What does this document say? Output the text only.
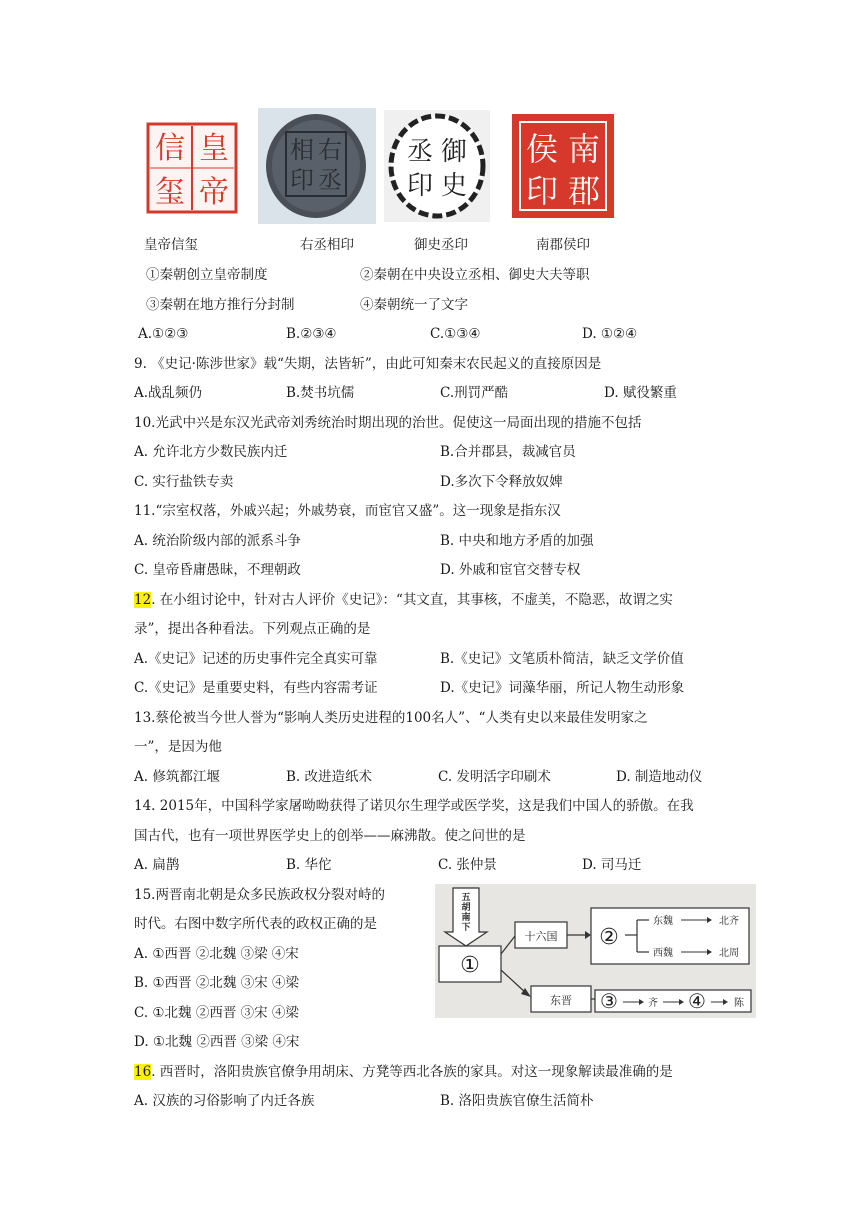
皇
帝
信
玺
右
丞
相
印
御
史
丞
印
南
郡
侯
印
皇帝信玺	右丞相印	御史丞印	南郡侯印
①秦朝创立皇帝制度	②秦朝在中央设立丞相、御史大夫等职
③秦朝在地方推行分封制	④秦朝统一了文字
A.①②③	B.②③④	C.①③④	D. ①②④
9. 《史记·陈涉世家》载“失期，法皆斩”，由此可知秦末农民起义的直接原因是
A.战乱频仍	B.焚书坑儒	C.刑罚严酷	D. 赋役繁重
10.光武中兴是东汉光武帝刘秀统治时期出现的治世。促使这一局面出现的措施不包括
A. 允许北方少数民族内迁	B.合并郡县，裁减官员
C. 实行盐铁专卖	D.多次下令释放奴婢
11.“宗室权落，外戚兴起；外戚势衰，而宦官又盛”。这一现象是指东汉
A. 统治阶级内部的派系斗争	B. 中央和地方矛盾的加强
C. 皇帝昏庸愚昧，不理朝政	D. 外戚和宦官交替专权
12. 在小组讨论中，针对古人评价《史记》：“其文直，其事核，不虚美，不隐恶，故谓之实
录”，提出各种看法。下列观点正确的是
A.《史记》记述的历史事件完全真实可靠	B.《史记》文笔质朴简洁，缺乏文学价值
C.《史记》是重要史料，有些内容需考证	D.《史记》词藻华丽，所记人物生动形象
13.蔡伦被当今世人誉为“影响人类历史进程的100名人”、“人类有史以来最佳发明家之
一”，是因为他
A. 修筑都江堰	B. 改进造纸术	C. 发明活字印刷术	D. 制造地动仪
14. 2015年，中国科学家屠呦呦获得了诺贝尔生理学或医学奖，这是我们中国人的骄傲。在我
国古代，也有一项世界医学史上的创举——麻沸散。使之问世的是
A. 扁鹊	B. 华佗	C. 张仲景	D. 司马迁
15.两晋南北朝是众多民族政权分裂对峙的
时代。右图中数字所代表的政权正确的是
A. ①西晋 ②北魏 ③梁 ④宋
B. ①西晋 ②北魏 ③宋 ④梁
C. ①北魏 ②西晋 ③宋 ④梁
D. ①北魏 ②西晋 ③梁 ④宋
五胡南下
①
十六国 ②
东魏
西魏
北齐
北周
东晋 ③	齐 ④	陈
16. 西晋时，洛阳贵族官僚争用胡床、方凳等西北各族的家具。对这一现象解读最准确的是
A. 汉族的习俗影响了内迁各族	B. 洛阳贵族官僚生活简朴
